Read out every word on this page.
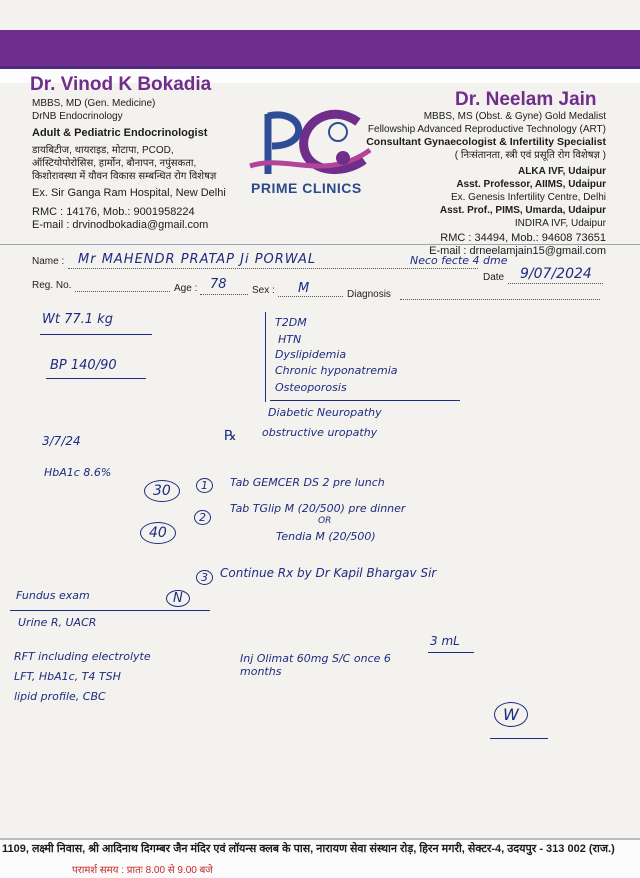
Dr. Vinod K Bokadia
MBBS, MD (Gen. Medicine)
DrNB Endocrinology
Adult & Pediatric Endocrinologist
डायबिटीज, थायराइड, मोटापा, PCOD,
ऑस्टियोपोरोसिस, हार्मोन, बौनापन, नपुंसकता,
किशोरावस्था में यौवन विकास सम्बन्धित रोग विशेषज्ञ
Ex. Sir Ganga Ram Hospital, New Delhi
RMC : 14176, Mob.: 9001958224
E-mail : drvinodbokadia@gmail.com
PRIME CLINICS
Dr. Neelam Jain
MBBS, MS (Obst. & Gyne) Gold Medalist
Fellowship Advanced Reproductive Technology (ART)
Consultant Gynaecologist & Infertility Specialist
( निःसंतानता, स्त्री एवं प्रसूति रोग विशेषज्ञ )
ALKA IVF, Udaipur
Asst. Professor, AIIMS, Udaipur
Ex. Genesis Infertility Centre, Delhi
Asst. Prof., PIMS, Umarda, Udaipur
INDIRA IVF, Udaipur
RMC : 34494, Mob.: 94608 73651
E-mail : drneelamjain15@gmail.com
Name : Mr MAHENDR PRATAP Ji PORWAL	Neco fecte 4 dme
Date 9/07/2024
Reg. No.	Age : 78	Sex : M	Diagnosis
Wt 77.1 kg
BP 140/90
T2DM
HTN
Dyslipidemia
Chronic hyponatremia
Osteoporosis
Diabetic Neuropathy
obstructive uropathy
3/7/24
HbA1c 8.6%
℞
30	1	Tab GEMCER DS 2 pre lunch
40
2
Tab TGlip M (20/500) pre dinner
OR
Tendia M (20/500)
3	Continue Rx by Dr Kapil Bhargav Sir
Fundus exam	N
Urine R, UACR
RFT including electrolyte
LFT, HbA1c, T4 TSH
lipid profile, CBC
Inj Olimat 60mg S/C once 6 months
3 mL
W
1109, लक्ष्मी निवास, श्री आदिनाथ दिगम्बर जैन मंदिर एवं लॉयन्स क्लब के पास, नारायण सेवा संस्थान रोड़, हिरन मगरी, सेक्टर-4, उदयपुर - 313 002 (राज.)
परामर्श समय : प्रातः 8.00 से 9.00 बजे
